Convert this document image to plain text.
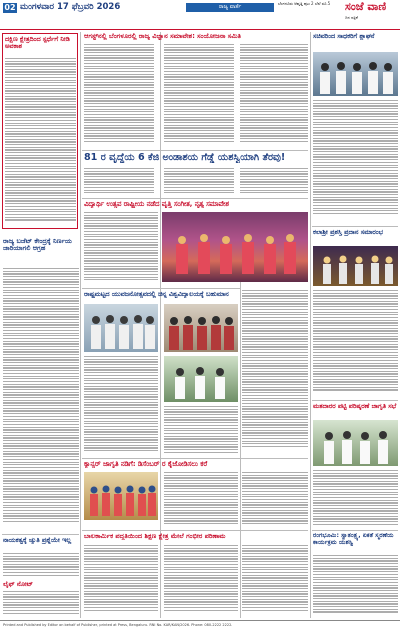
02 ಮಂಗಳವಾರ 17 ಫೆಬ್ರವರಿ 2026	ರಾಜ್ಯ ವಾರ್ತೆ
ಬೆಂಗಳೂರು ಆವೃತ್ತಿ ಪುಟ 2 ಬೆಲೆ ರೂ.5	ಸಂಜೆ ವಾಣಿ
ದಿನ ಪತ್ರಿಕೆ
ದಕ್ಷಿಣ ಕ್ಷೇತ್ರದಿಂದ ಸ್ಪರ್ಧೆಗೆ ನೀಡಿ ಅವಕಾಶ
ರಾಜ್ಯ ಬಜೆಟ್‌ ಕೇಂದ್ರಕ್ಕೆ ನಿರ್ಣಯ ಜಾರಿಯಾಗಲಿ ಆಗ್ರಹ
ನಾಯಕತ್ವಕ್ಕೆ ಚ್ಯುತಿ ಪ್ರಶ್ನೆಯೇ ಇಲ್ಲ
ಲೈಫ್ ನೋಟ್
ಆಗಸ್ಟ್‌ನಲ್ಲಿ ಬೆಂಗಳೂರಲ್ಲಿ ರಾಜ್ಯ ವಿಜ್ಞಾನ ಸಮಾವೇಶ: ಸಂಯೋಜನಾ ಸಮಿತಿ
81 ರ ವೃದ್ಧೆಯ 6 ಕೆಜಿ ಅಂಡಾಶಯ ಗೆಡ್ಡೆ ಯಶಸ್ವಿಯಾಗಿ ತೆರವು!
ವಿದ್ಯಾರ್ಥಿ ಉತ್ಸವ ರಾಷ್ಟ್ರೀಯ ನಡೆದ ವೃತ್ತಿ ಸಂಗೀತ, ನೃತ್ಯ ಸಮಾವೇಶ
ರಾಷ್ಟ್ರಮಟ್ಟದ ಯುವಜನೋತ್ಸವದಲ್ಲಿ ಚಿನ್ನ ವಿಶ್ವವಿದ್ಯಾಲಯಕ್ಕೆ ಬಹುಮಾನ
ಕ್ಯಾನ್ಸರ್‌ ಜಾಗೃತಿ ನಡಿಗೆ: ಡಿಸೆಂಬರ್ ರ ಕೈಜೋಡಿಸಲು ಕರೆ
ಬಾಲಕಾರ್ಮಿಕ ಪದ್ಧತಿಯಿಂದ ಶಿಕ್ಷಣ ಕ್ಷೇತ್ರ ಮೇಲೆ ಗಂಭೀರ ಪರಿಣಾಮ
ಸಚಿವರಿಂದ ಸಾಧಕರಿಗೆ ಶ್ಲಾಘನೆ
ಕಲಾಶ್ರೀ ಪ್ರಶಸ್ತಿ ಪ್ರದಾನ ಸಮಾರಂಭ
ಮತದಾರರ ಪಟ್ಟಿ ಪರಿಷ್ಕರಣೆ ಜಾಗೃತಿ ಸಭೆ
ರಂಗಭೂಮಿ: ಸ್ವಾತಂತ್ರ್ಯ, ಏಕತೆ ಸ್ಮರಣೆಯ ಕಾರ್ಯಕ್ರಮ ಯಶಸ್ವಿ
Printed and Published by Editor on behalf of Publisher, printed at Press, Bengaluru. RNI No. KAR/KAN/2026. Phone: 080-2222 2222.
